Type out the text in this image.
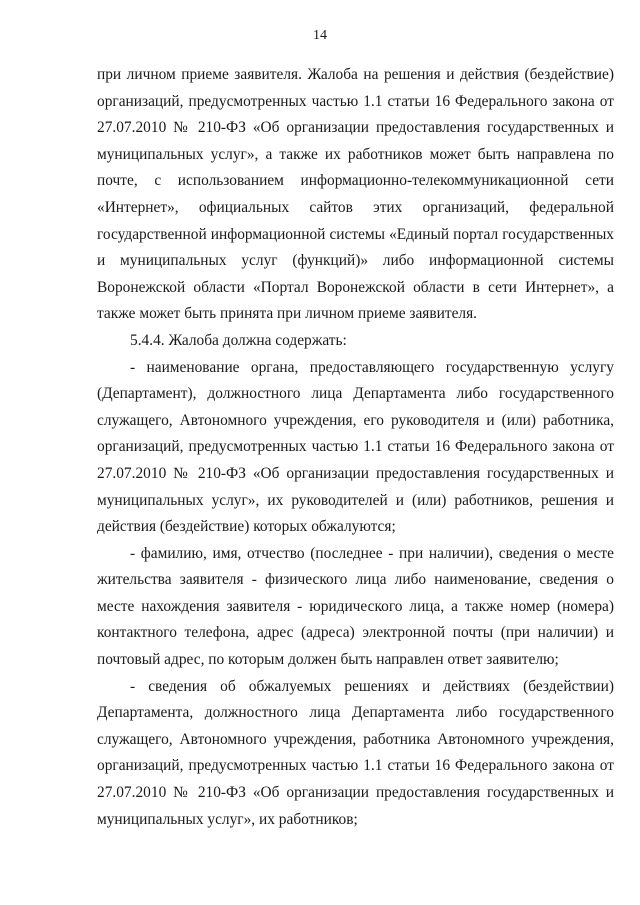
14

при личном приеме заявителя. Жалоба на решения и действия (бездействие) организаций, предусмотренных частью 1.1 статьи 16 Федерального закона от 27.07.2010 № 210-ФЗ «Об организации предоставления государственных и муниципальных услуг», а также их работников может быть направлена по почте, с использованием информационно-телекоммуникационной сети «Интернет», официальных сайтов этих организаций, федеральной государственной информационной системы «Единый портал государственных и муниципальных услуг (функций)» либо информационной системы Воронежской области «Портал Воронежской области в сети Интернет», а также может быть принята при личном приеме заявителя.

5.4.4. Жалоба должна содержать:

- наименование органа, предоставляющего государственную услугу (Департамент), должностного лица Департамента либо государственного служащего, Автономного учреждения, его руководителя и (или) работника, организаций, предусмотренных частью 1.1 статьи 16 Федерального закона от 27.07.2010 № 210-ФЗ «Об организации предоставления государственных и муниципальных услуг», их руководителей и (или) работников, решения и действия (бездействие) которых обжалуются;

- фамилию, имя, отчество (последнее - при наличии), сведения о месте жительства заявителя - физического лица либо наименование, сведения о месте нахождения заявителя - юридического лица, а также номер (номера) контактного телефона, адрес (адреса) электронной почты (при наличии) и почтовый адрес, по которым должен быть направлен ответ заявителю;

- сведения об обжалуемых решениях и действиях (бездействии) Департамента, должностного лица Департамента либо государственного служащего, Автономного учреждения, работника Автономного учреждения, организаций, предусмотренных частью 1.1 статьи 16 Федерального закона от 27.07.2010 № 210-ФЗ «Об организации предоставления государственных и муниципальных услуг», их работников;
